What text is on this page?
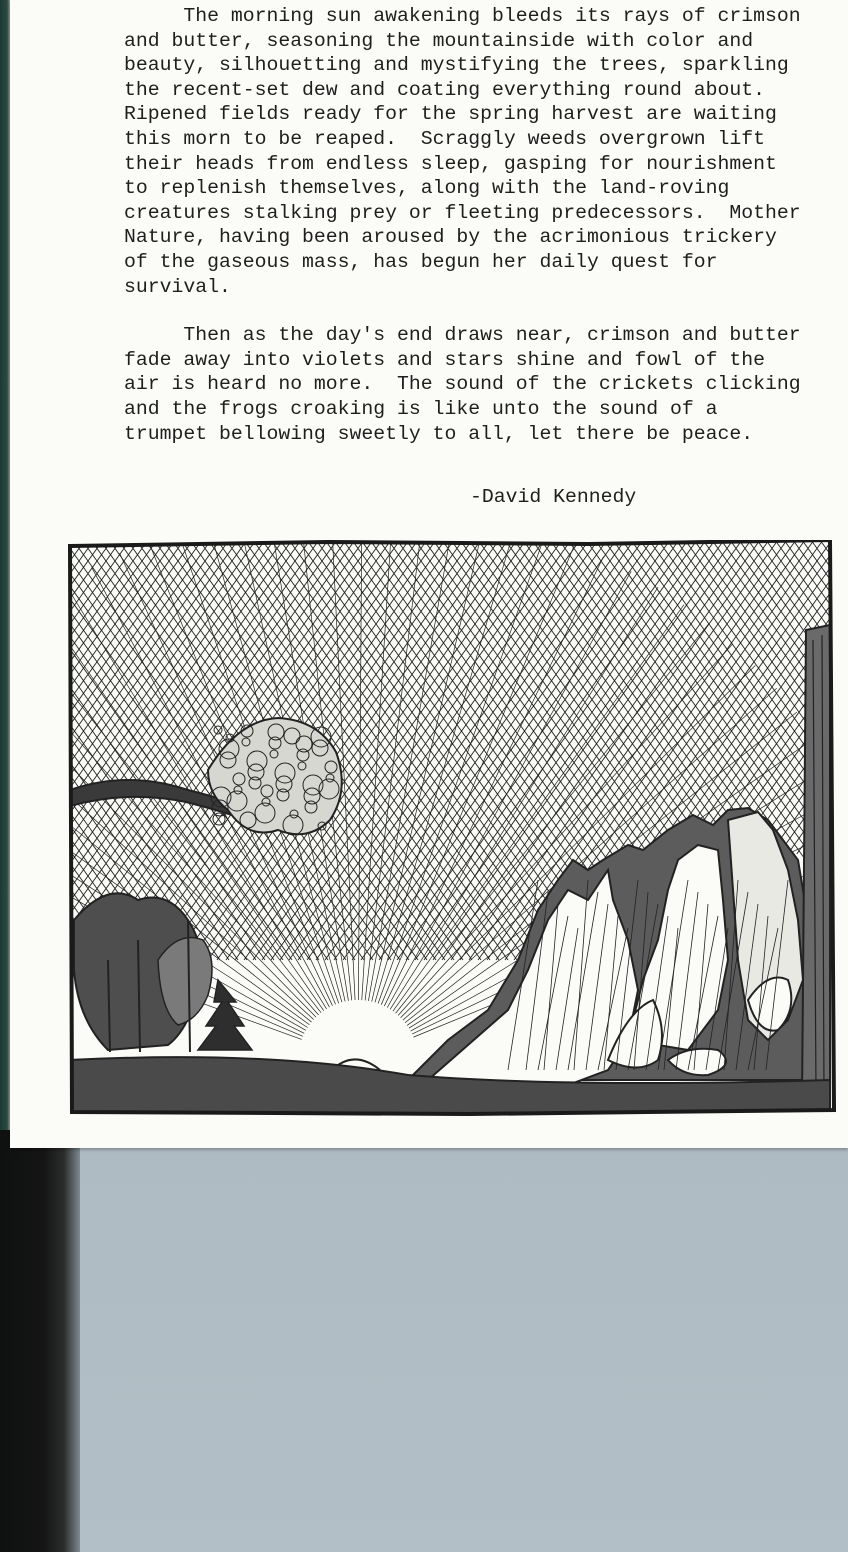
The morning sun awakening bleeds its rays of crimson
and butter, seasoning the mountainside with color and
beauty, silhouetting and mystifying the trees, sparkling
the recent-set dew and coating everything round about.
Ripened fields ready for the spring harvest are waiting
this morn to be reaped.  Scraggly weeds overgrown lift
their heads from endless sleep, gasping for nourishment
to replenish themselves, along with the land-roving
creatures stalking prey or fleeting predecessors.  Mother
Nature, having been aroused by the acrimonious trickery
of the gaseous mass, has begun her daily quest for
survival.
Then as the day's end draws near, crimson and butter
fade away into violets and stars shine and fowl of the
air is heard no more.  The sound of the crickets clicking
and the frogs croaking is like unto the sound of a
trumpet bellowing sweetly to all, let there be peace.
-David Kennedy
